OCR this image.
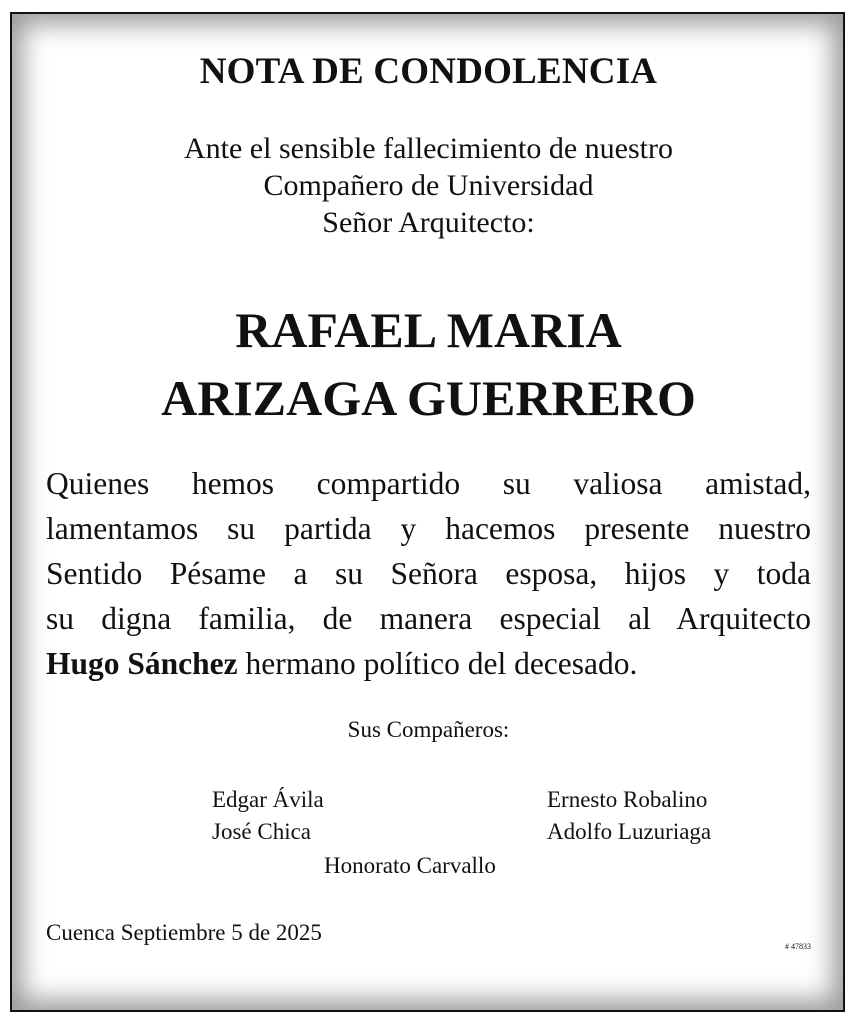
NOTA DE CONDOLENCIA
Ante el sensible fallecimiento de nuestro
Compañero de Universidad
Señor Arquitecto:
RAFAEL MARIA
ARIZAGA GUERRERO
Quienes hemos compartido su valiosa amistad,
lamentamos su partida y hacemos presente nuestro
Sentido Pésame a su Señora esposa, hijos y toda
su digna familia, de manera especial al Arquitecto
Hugo Sánchez hermano político del decesado.
Sus Compañeros:
Edgar Ávila	Ernesto Robalino
José Chica	Adolfo Luzuriaga
Honorato Carvallo
Cuenca Septiembre 5 de 2025
# 47833
